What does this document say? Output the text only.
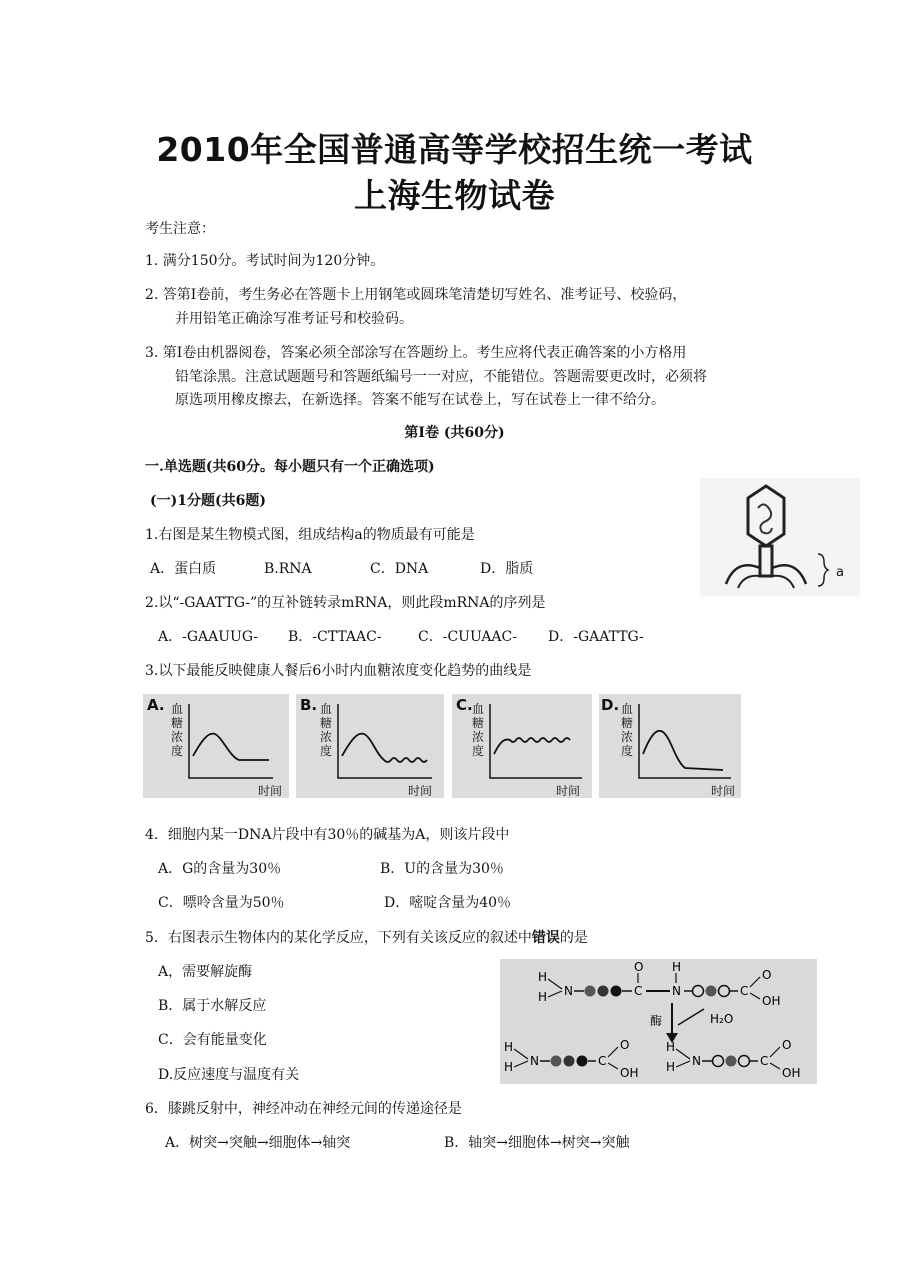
2010年全国普通高等学校招生统一考试
上海生物试卷
考生注意：
1. 满分150分。考试时间为120分钟。
2. 答第Ⅰ卷前，考生务必在答题卡上用钢笔或圆珠笔清楚切写姓名、准考证号、校验码，
并用铅笔正确涂写准考证号和校验码。
3. 第Ⅰ卷由机器阅卷，答案必须全部涂写在答题纷上。考生应将代表正确答案的小方格用
铅笔涂黑。注意试题题号和答题纸编号一一对应，不能错位。答题需要更改时，必须将
原选项用橡皮擦去，在新选择。答案不能写在试卷上，写在试卷上一律不给分。
第Ⅰ卷 (共60分)
一.单选题(共60分。每小题只有一个正确选项)
(一)1分题(共6题)
1.右图是某生物模式图，组成结构a的物质最有可能是
A．蛋白质	B.RNA	C．DNA	D．脂质	a
2.以“-GAATTG-”的互补链转录mRNA，则此段mRNA的序列是
A．-GAAUUG- B．-CTTAAC-	C．-CUUAAC- D．-GAATTG-
3.以下最能反映健康人餐后6小时内血糖浓度变化趋势的曲线是
A. 血糖浓度
B. 血糖浓度
时间
C. 血糖浓度
时间
D. 血糖浓度
时间
时间
4．细胞内某一DNA片段中有30％的碱基为A，则该片段中
A．G的含量为30％	B．U的含量为30％
C．嘌呤含量为50％	D．嘧啶含量为40％
5．右图表示生物体内的某化学反应，下列有关该反应的叙述中错误的是
A，需要解旋酶
B．属于水解反应
C．会有能量变化
D.反应速度与温度有关
H
H N	C
O
N
H
C
O
OH
酶	H₂O
H
H N	C
O
OH
H
H N	C
O
OH
6．膝跳反射中，神经冲动在神经元间的传递途径是
A．树突→突触→细胞体→轴突	B．轴突→细胞体→树突→突触
